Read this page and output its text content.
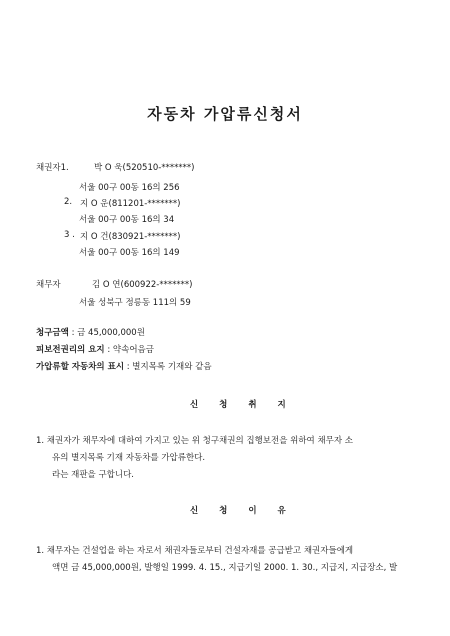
자동차 가압류신청서
채권자1.	박 O 욱(520510-*******)
서울 00구 00동 16의 256
2. 지 O 운(811201-*******)
서울 00구 00동 16의 34
3 . 지 O 건(830921-*******)
서울 00구 00동 16의 149
채무자	김 O 연(600922-*******)
서울 성북구 정릉동 111의 59
청구금액 : 금 45,000,000원
피보전권리의 요지 : 약속어음금
가압류할 자동차의 표시 : 별지목록 기재와 같음
신 청 취 지
1. 채권자가 채무자에 대하여 가지고 있는 위 청구채권의 집행보전을 위하여 채무자 소
유의 별지목록 기재 자동차를 가압류한다.
라는 재판을 구합니다.
신 청 이 유
1. 채무자는 건설업을 하는 자로서 채권자들로부터 건설자재를 공급받고 채권자들에게
액면 금 45,000,000원, 발행일 1999. 4. 15., 지급기일 2000. 1. 30., 지급지, 지급장소, 발
